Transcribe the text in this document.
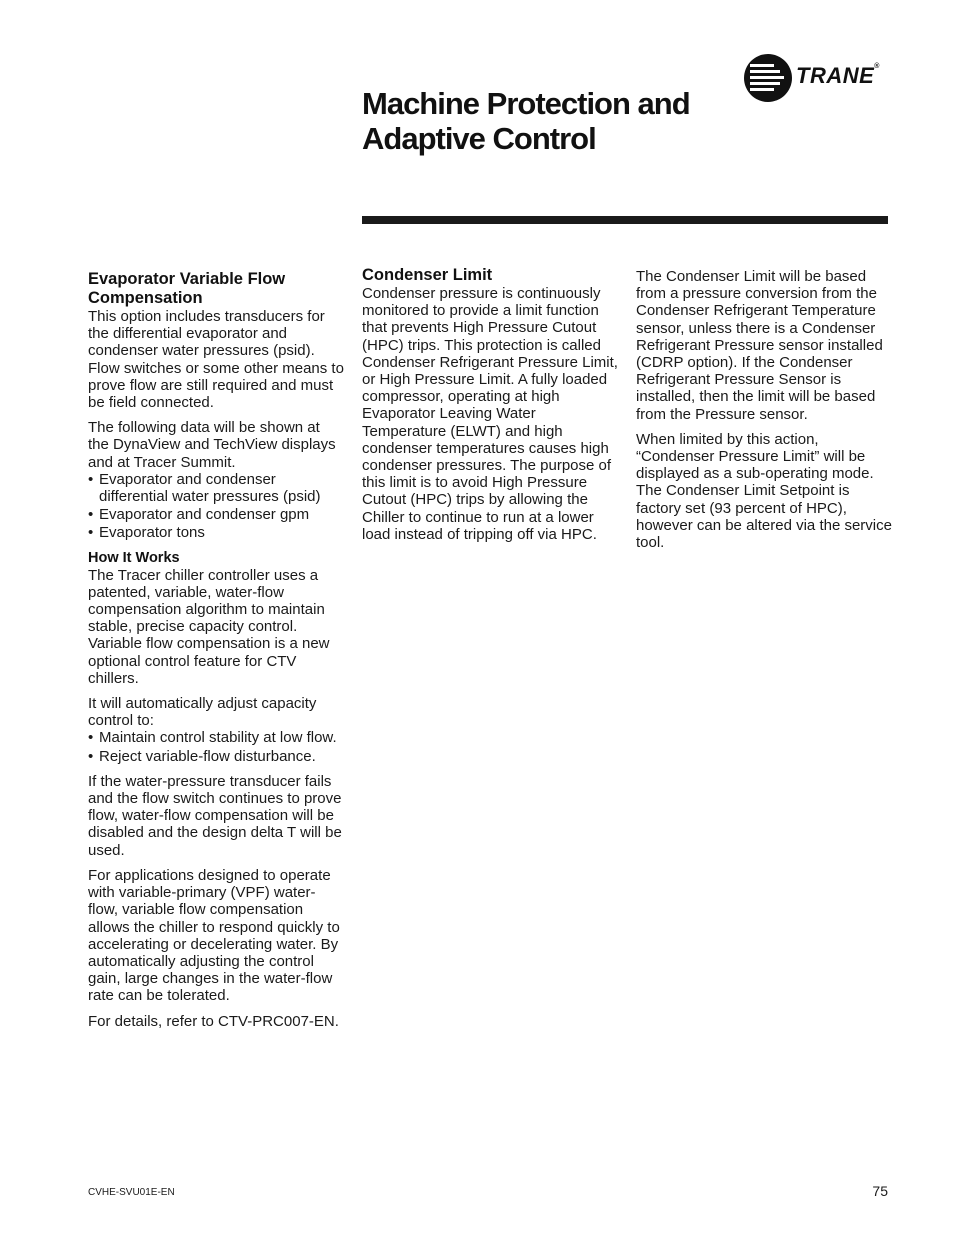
TRANE®
Machine Protection and Adaptive Control
Evaporator Variable Flow Compensation

This option includes transducers for the differential evaporator and condenser water pressures (psid). Flow switches or some other means to prove flow are still required and must be field connected.

The following data will be shown at the DynaView and TechView displays and at Tracer Summit.

• Evaporator and condenser differential water pressures (psid)
• Evaporator and condenser gpm
• Evaporator tons
How It Works

The Tracer chiller controller uses a patented, variable, water-flow compensation algorithm to maintain stable, precise capacity control. Variable flow compensation is a new optional control feature for CTV chillers.

It will automatically adjust capacity control to:

• Maintain control stability at low flow.
• Reject variable-flow disturbance.

If the water-pressure transducer fails and the flow switch continues to prove flow, water-flow compensation will be disabled and the design delta T will be used.

For applications designed to operate with variable-primary (VPF) water-flow, variable flow compensation allows the chiller to respond quickly to accelerating or decelerating water. By automatically adjusting the control gain, large changes in the water-flow rate can be tolerated.

For details, refer to CTV-PRC007-EN.

Condenser Limit

Condenser pressure is continuously monitored to provide a limit function that prevents High Pressure Cutout (HPC) trips. This protection is called Condenser Refrigerant Pressure Limit, or High Pressure Limit. A fully loaded compressor, operating at high Evaporator Leaving Water Temperature (ELWT) and high condenser temperatures causes high condenser pressures. The purpose of this limit is to avoid High Pressure Cutout (HPC) trips by allowing the Chiller to continue to run at a lower load instead of tripping off via HPC.

The Condenser Limit will be based from a pressure conversion from the Condenser Refrigerant Temperature sensor, unless there is a Condenser Refrigerant Pressure sensor installed (CDRP option). If the Condenser Refrigerant Pressure Sensor is installed, then the limit will be based from the Pressure sensor.

When limited by this action, “Condenser Pressure Limit” will be displayed as a sub-operating mode. The Condenser Limit Setpoint is factory set (93 percent of HPC), however can be altered via the service tool.

CVHE-SVU01E-EN	75
